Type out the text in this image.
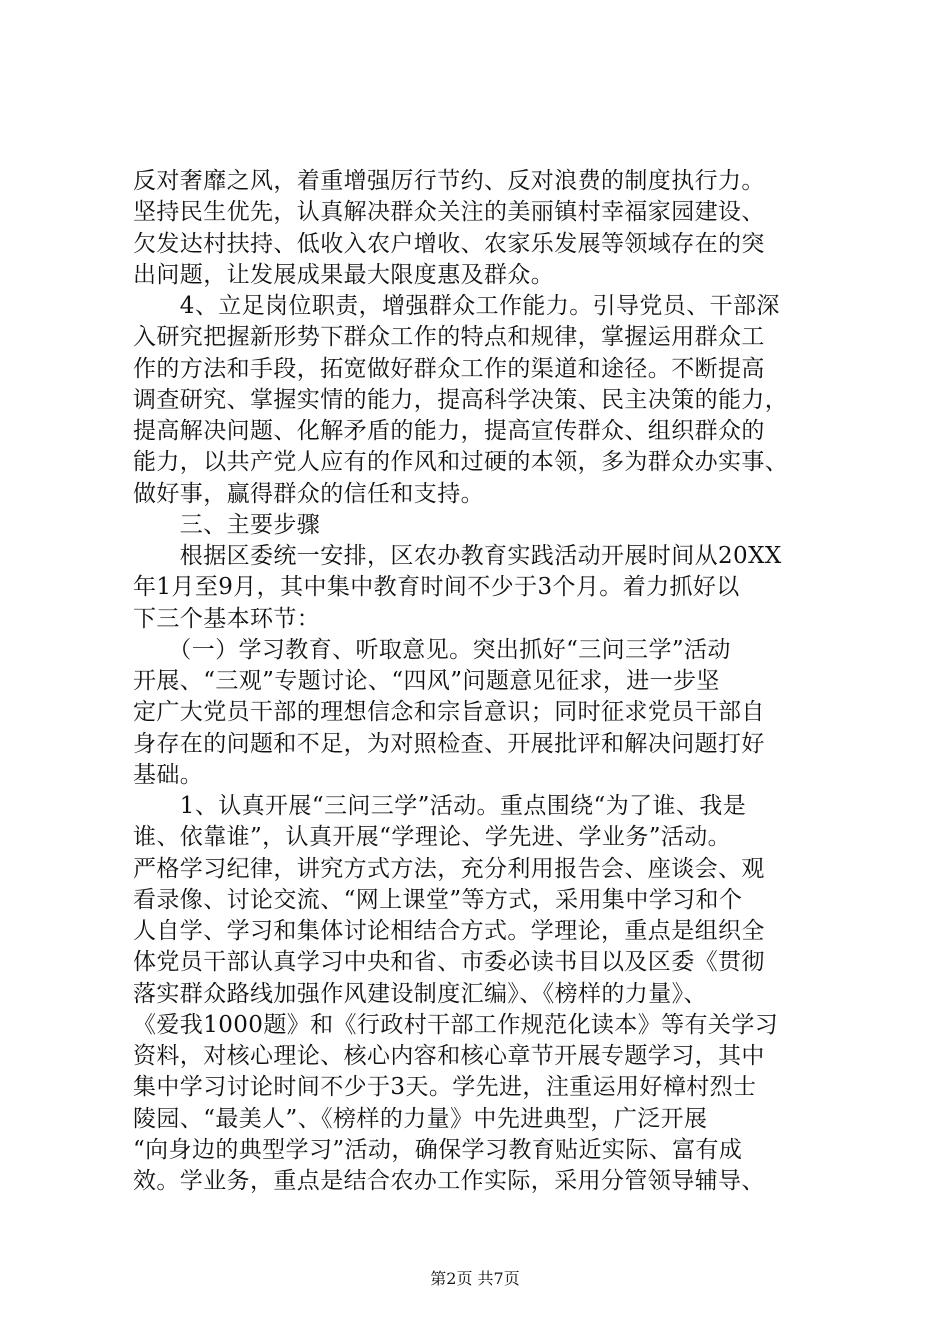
反对奢靡之风，着重增强厉行节约、反对浪费的制度执行力。
坚持民生优先，认真解决群众关注的美丽镇村幸福家园建设、
欠发达村扶持、低收入农户增收、农家乐发展等领域存在的突
出问题，让发展成果最大限度惠及群众。
　　4、立足岗位职责，增强群众工作能力。引导党员、干部深
入研究把握新形势下群众工作的特点和规律，掌握运用群众工
作的方法和手段，拓宽做好群众工作的渠道和途径。不断提高
调查研究、掌握实情的能力，提高科学决策、民主决策的能力，
提高解决问题、化解矛盾的能力，提高宣传群众、组织群众的
能力，以共产党人应有的作风和过硬的本领，多为群众办实事、
做好事，赢得群众的信任和支持。
　　三、主要步骤
　　根据区委统一安排，区农办教育实践活动开展时间从20XX
年1月至9月，其中集中教育时间不少于3个月。着力抓好以
下三个基本环节：
　　（一）学习教育、听取意见。突出抓好“三问三学”活动
开展、“三观”专题讨论、“四风”问题意见征求，进一步坚
定广大党员干部的理想信念和宗旨意识；同时征求党员干部自
身存在的问题和不足，为对照检查、开展批评和解决问题打好
基础。
　　1、认真开展“三问三学”活动。重点围绕“为了谁、我是
谁、依靠谁”，认真开展“学理论、学先进、学业务”活动。
严格学习纪律，讲究方式方法，充分利用报告会、座谈会、观
看录像、讨论交流、“网上课堂”等方式，采用集中学习和个
人自学、学习和集体讨论相结合方式。学理论，重点是组织全
体党员干部认真学习中央和省、市委必读书目以及区委《贯彻
落实群众路线加强作风建设制度汇编》、《榜样的力量》、
《爱我1000题》和《行政村干部工作规范化读本》等有关学习
资料，对核心理论、核心内容和核心章节开展专题学习，其中
集中学习讨论时间不少于3天。学先进，注重运用好樟村烈士
陵园、“最美人”、《榜样的力量》中先进典型，广泛开展
“向身边的典型学习”活动，确保学习教育贴近实际、富有成
效。学业务，重点是结合农办工作实际，采用分管领导辅导、
第2页 共7页
